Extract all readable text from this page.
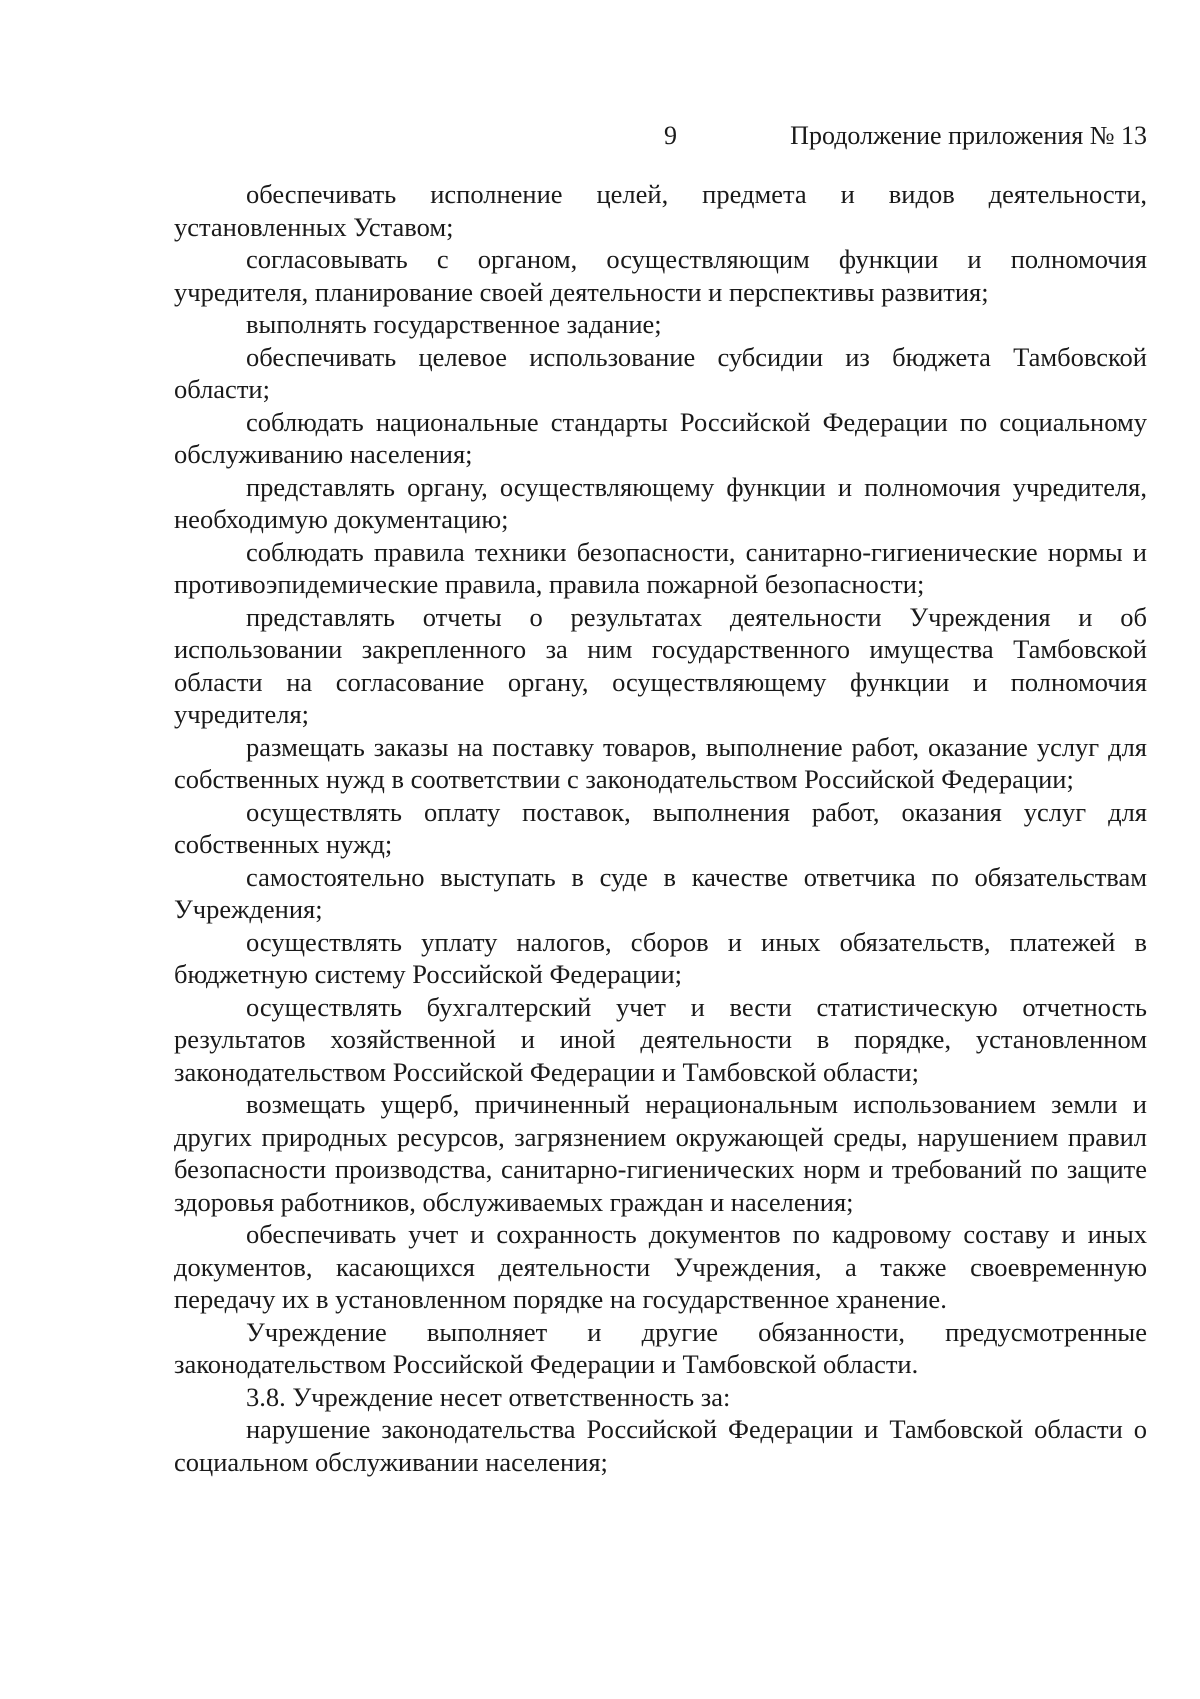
9	Продолжение приложения № 13

обеспечивать исполнение целей, предмета и видов деятельности, установленных Уставом;

согласовывать с органом, осуществляющим функции и полномочия учредителя, планирование своей деятельности и перспективы развития;

выполнять государственное задание;

обеспечивать целевое использование субсидии из бюджета Тамбовской области;

соблюдать национальные стандарты Российской Федерации по социальному обслуживанию населения;

представлять органу, осуществляющему функции и полномочия учредителя, необходимую документацию;

соблюдать правила техники безопасности, санитарно-гигиенические нормы и противоэпидемические правила, правила пожарной безопасности;

представлять отчеты о результатах деятельности Учреждения и об использовании закрепленного за ним государственного имущества Тамбовской области на согласование органу, осуществляющему функции и полномочия учредителя;

размещать заказы на поставку товаров, выполнение работ, оказание услуг для собственных нужд в соответствии с законодательством Российской Федерации;

осуществлять оплату поставок, выполнения работ, оказания услуг для собственных нужд;

самостоятельно выступать в суде в качестве ответчика по обязательствам Учреждения;

осуществлять уплату налогов, сборов и иных обязательств, платежей в бюджетную систему Российской Федерации;

осуществлять бухгалтерский учет и вести статистическую отчетность результатов хозяйственной и иной деятельности в порядке, установленном законодательством Российской Федерации и Тамбовской области;

возмещать ущерб, причиненный нерациональным использованием земли и других природных ресурсов, загрязнением окружающей среды, нарушением правил безопасности производства, санитарно-гигиенических норм и требований по защите здоровья работников, обслуживаемых граждан и населения;

обеспечивать учет и сохранность документов по кадровому составу и иных документов, касающихся деятельности Учреждения, а также своевременную передачу их в установленном порядке на государственное хранение.

Учреждение выполняет и другие обязанности, предусмотренные законодательством Российской Федерации и Тамбовской области.

3.8. Учреждение несет ответственность за:

нарушение законодательства Российской Федерации и Тамбовской области о социальном обслуживании населения;
